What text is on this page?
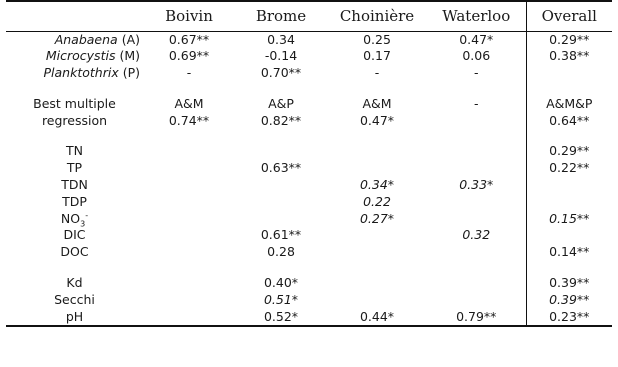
	Boivin	Brome	Choinière	Waterloo	Overall
Anabaena (A)	0.67**	0.34	0.25	0.47*	0.29**
Microcystis (M)	0.69**	-0.14	0.17	0.06	0.38**
Planktothrix (P)	-	0.70**	-	-	

Best multiple	A&M	A&P	A&M	-	A&M&P
regression	0.74**	0.82**	0.47*		0.64**

TN					0.29**
TP		0.63**			0.22**
TDN			0.34*	0.33*	
TDP			0.22		
$NO_3^-$			0.27*		0.15**
DIC		0.61**		0.32	
DOC		0.28			0.14**

Kd		0.40*			0.39**
Secchi		0.51*			0.39**
pH		0.52*	0.44*	0.79**	0.23**
